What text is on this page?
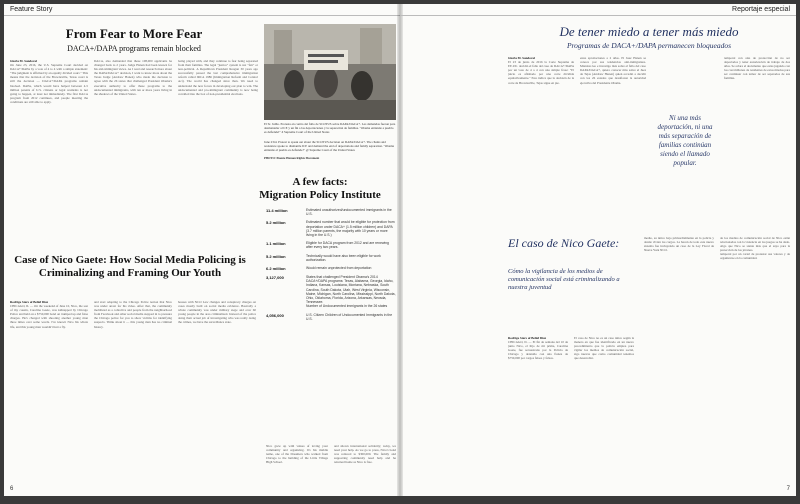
Feature Story
From Fear to More Fear
DACA+/DAPA programs remain blocked
Gloria M. Sandoval
On June 23, 2016, the U.S. Supreme Court decided on DACA+/DAPA by a vote of 4 to 4 with a simple statement: "The judgment is affirmed by an equally divided court." This means that the decision of the Brownsville, Texas court is still the decision — DACA+/DAPA programs remain blocked. DAPA, which would have helped between 4-5 million parents of U.S. citizens or legal residents is not going to happen, at least not immediately. The first DACA program from 2012 continues, and people meeting the conditions are still able to apply.
DACA, also demanded that these 108,000 applicants be changed back to 2 years. Judge Hanen had been known for his anti-immigrant views. As I read and research more about the DAPA/DACA+ decision, I want to know more about the Texas Judge (Andrew Hanen) who made the decision to agree with the 26 states that challenged President Obama's executive authority to offer these programs to the undocumented immigrants, with ten or more years living in the shadows of the United States.
being played with, and they continue to fear being separated from their families. The legal "justice" system is not "fair" or non-political. A Republican President Reagan 30 years ago successfully passed the last comprehensive immigration reform called IRCA 1986 (Immigration Reform and Control Act). The world has changed since then. We need to understand the new forces in developing our plan to win. The undocumented and pro-immigrant community is now being corralled into the box of non-presidential elections.
El Sr. Juillo. Protesta en contra del fallo de SCOTUS sobre DAPA/DACA+. Las demandas fueron para desmantelar a ICE y un fin a las deportaciones y la separación de familias. "Obama entiende a pueblo es defiende!" # Supreme Court of the United States
June 23rd. Protest to speak out about the SCOTUS decision on DAPA/DACA+. The chants and resistance spoke to dismantle ICE and demand the end of deportations and family separation. "Obama entiende el pueblo es defiende!" @ Supreme Court of the United States
PHOTO: Puente Human Rights Movement
Case of Nico Gaete: How Social Media Policing is Criminalizing and Framing Our Youth
Rodrigo Stars of Belief Diaz
CHICAGO, IL — On the weekend of June 10, Nico, the son of my cousin, Carolina Gaete, was kidnapped by Chicago Police and held on a $750,000 bond on trumped up and false charges. He's charged with shooting another young man three times over some words. I've known Nico his whole life, and this young man wouldn't hurt a fly.
and start adapting to the Chicago Police notion that Nico was under arrest for his video. After that, the community mobilized as a collective and people from the neighborhood from Facebook and other social media stepped in to pressure the Chicago police for you to show victims for identifying suspects. Think about it — this young man has no criminal history.
houses with NCO Law changes and conspiracy charges on cases mostly built on social media evidence. Basically a whole community was under military siege and over 60 young people in the area criminalized. Instead of the police doing their actual job of investigating who was really doing the crimes, we have the surveillance state.
A few facts:
Migration Policy Institute
11.4 million	Estimated unauthorized/undocumented immigrants in the U.S.
5.2 million	Estimated number that would be eligible for protection from deportation under DACA+ (1.5 million children) and DAPA (3.7 million parents, the majority with 10 years or more living in the U.S.)
1.1 million	Eligible for DACA program from 2012 and are renewing after every two years.
5.2 million	Technically would have also been eligible for work authorization.
6.2 million	Would remain unprotected from deportation
3,127,000	States that challenged President Obama's 2014 DACA+/DAPA programs: Texas, Alabama, Georgia, Idaho, Indiana, Kansas, Louisiana, Montana, Nebraska, South Carolina, South Dakota, Utah, West Virginia, Wisconsin, Maine, Michigan, North Carolina, Mississippi, North Dakota, Ohio, Oklahoma, Florida, Arizona, Arkansas, Nevada, Tennessee.
Number of Undocumented immigrants in the 26 states
4,056,000	U.S. Citizen Children of Undocumented Immigrants in the U.S.
Nico grew up with values of loving your community and organizing. It's his middle name, one of the Dreamers who walked from Chicago to the building of the Little Village High School.
and shown international solidarity; today, we need your help. As we go to press, Nico's bond was reduced to $300,000. The family and supporting community need help and he returned home as Nico is free.
6
Reportaje especial
De tener miedo a tener más miedo
Programas de DACA+/DAPA permanecen bloqueados
Gloria M. Sandoval
El 23 de junio de 2016 la Corte Suprema de EE.UU. decidió el fallo del caso de DACA+/DAPA por un voto de 4 a 4 con una simple frase: "El juicio es afirmado por una corte dividida equitativamente." Esto indica que la decisión de la corte de Brownsville, Tejas sigue en pie.
estas aprobaciones a 2 años. El Juez Hanen se conoce por sus tendencias anti-inmigrantes. Mientras leo e investigo más sobre el fallo del caso DAPA/DACA+, quiero conocer más sobre el Juez de Tejas (Andrew Hanen) quien accedió a decidir con los 26 estados que desafiaron la autoridad ejecutiva del Presidente Obama.
temporal con alas de protección de no ser deportados y tener autorización de trabajo de dos años. Se aclara el documento que estas jugando con los casi millones de residentes de estos miedos para ser continuar con temor de ser separados de sus familias.
Ni una más deportación, ni una más separación de familias continúan siendo el llamado popular.
El caso de Nico Gaete:
Cómo la vigilancia de los medios de comunicación social está criminalizando a nuestra juventud
Rodrigo Stars of Belief Diaz
CHICAGO, IL — El fin de semana del 10 de junio Nico, el hijo de mi prima, Carolina Gaete, fue secuestrado por la Policía de Chicago y detenido con una fianza de $750,000 por cargos falsos y falsos.
El caso de Nico no es un caso único según la manera en que fue identificado en un nuevo procedimiento que la policía emplea para vigilar los medios de comunicación social, sigo nuevas que como comunidad tenemos que desarrollar.
medio, su único bajo primordialmente en la policía y donde vivían los cargos. La hacen de todo este nuevo sistema fue incluyendo un caso de la Ley Fiscal de Nueva York NCO.
de los medios de comunicación social de Nico están relacionadas con la violencia en los juegos se ha dado. Algo que Nico se siente más que el suyo para la protección de los jóvenes.
temporal por un cartel de protestar sus valores y de organizarse en la comunidad.
7
